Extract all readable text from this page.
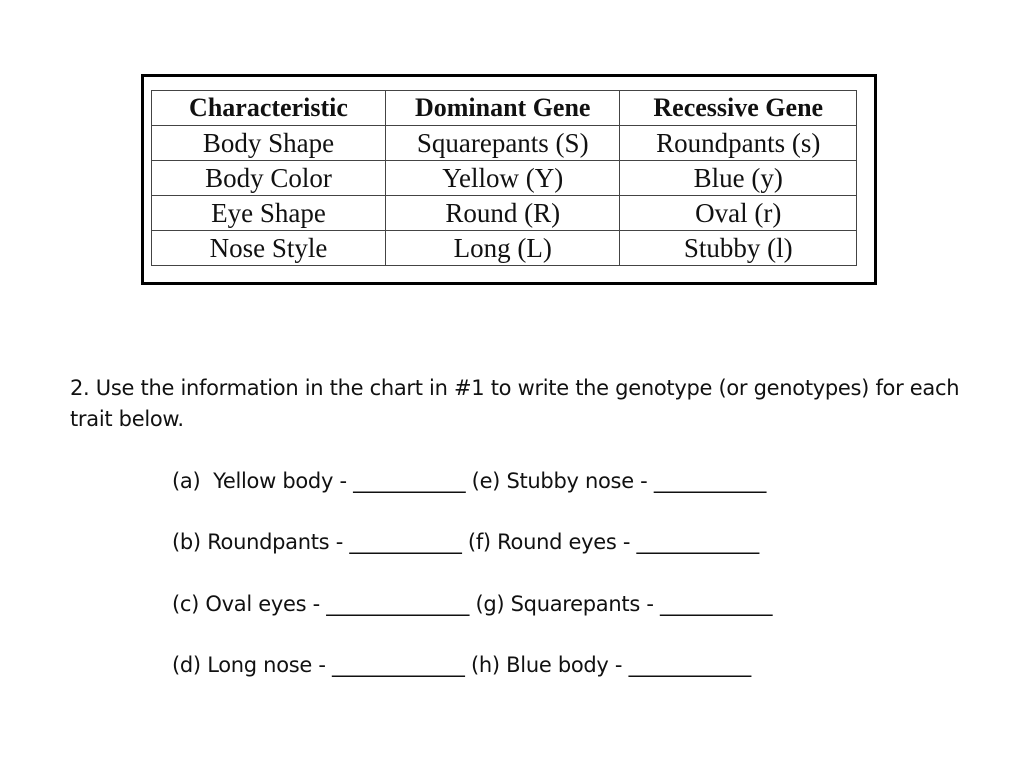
Characteristic	Dominant Gene	Recessive Gene
Body Shape	Squarepants (S)	Roundpants (s)
Body Color	Yellow (Y)	Blue (y)
Eye Shape	Round (R)	Oval (r)
Nose Style	Long (L)	Stubby (l)
2. Use the information in the chart in #1 to write the genotype (or genotypes) for each trait below.
(a)  Yellow body - ___________ (e) Stubby nose - ___________
(b) Roundpants - ___________ (f) Round eyes - ____________
(c) Oval eyes - ______________ (g) Squarepants - ___________
(d) Long nose - _____________ (h) Blue body - ____________
